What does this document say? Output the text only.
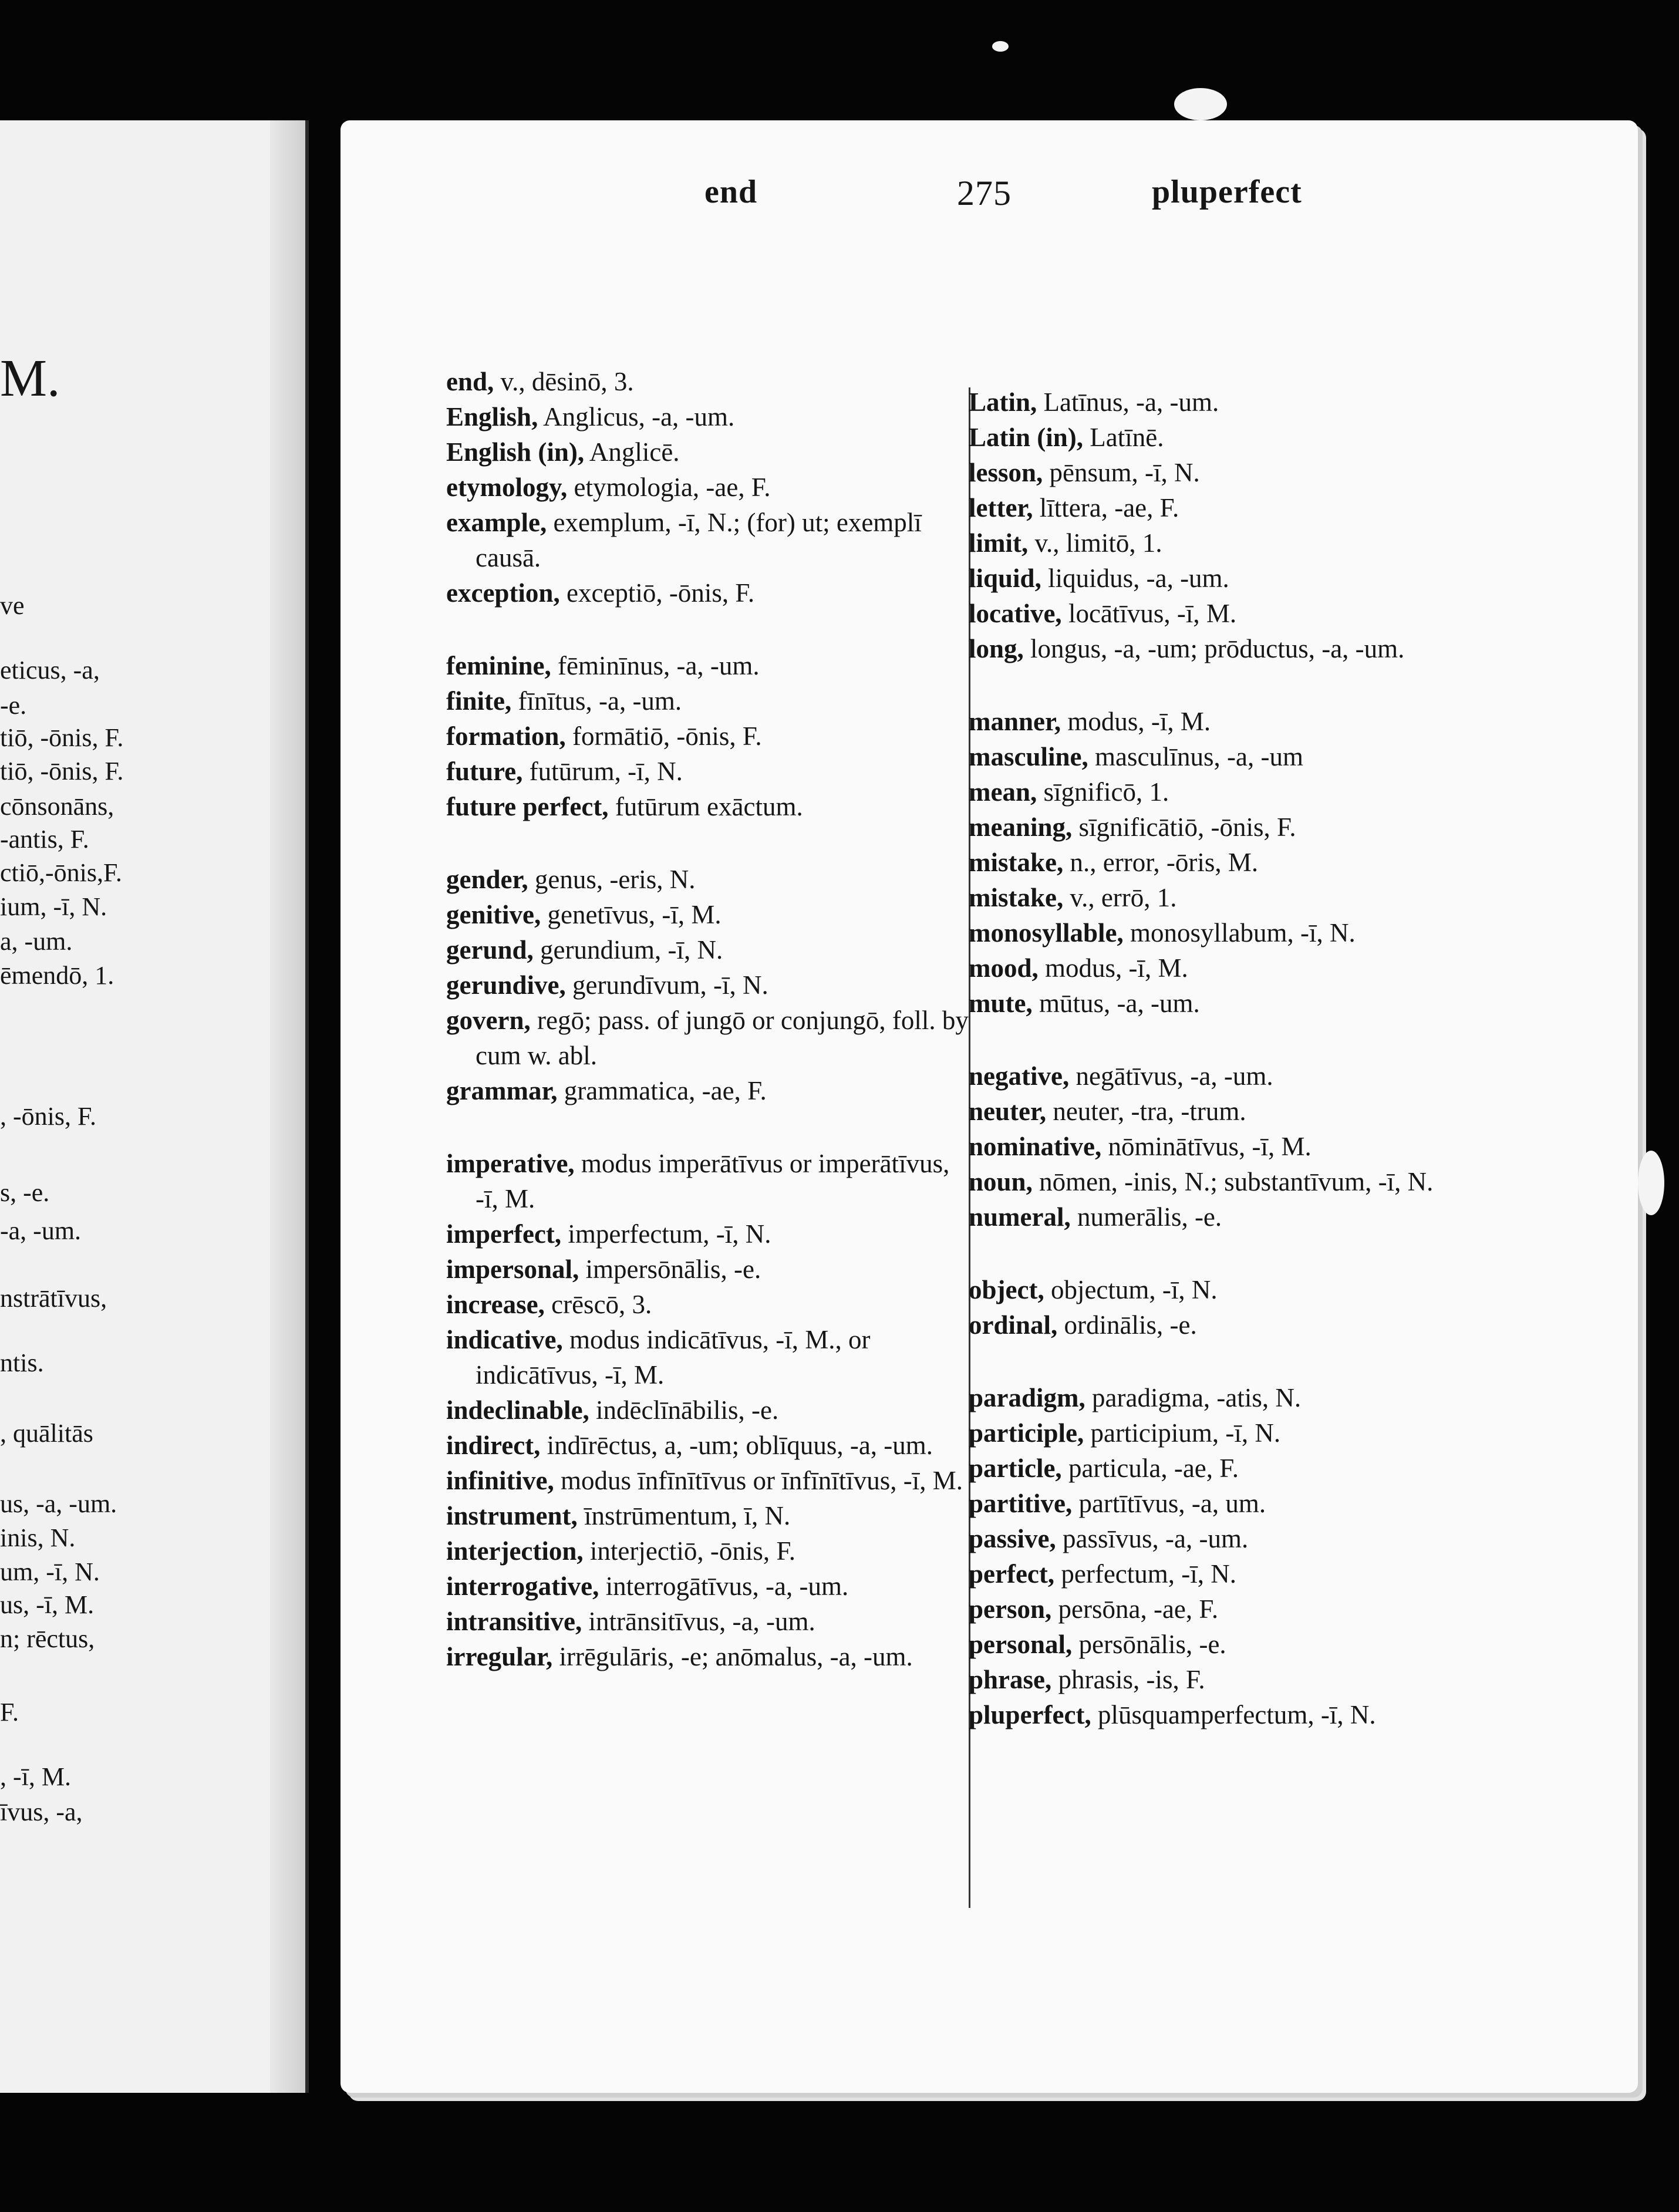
M.
ve
eticus, -a,
-e.
tiō, -ōnis, F.
tiō, -ōnis, F.
cōnsonāns,
-antis, F.
ctiō,-ōnis,F.
ium, -ī, N.
a, -um.
ēmendō, 1.
, -ōnis, F.
s, -e.
-a, -um.
nstrātīvus,
ntis.
, quālitās
us, -a, -um.
inis, N.
um, -ī, N.
us, -ī, M.
n; rēctus,
F.
, -ī, M.
īvus, -a,
end	275	pluperfect

end, v., dēsinō, 3.

English, Anglicus, -a, -um.

English (in), Anglicē.

etymology, etymologia, -ae, F.

example, exemplum, -ī, N.; (for) ut; exemplī causā.

exception, exceptiō, -ōnis, F.

feminine, fēminīnus, -a, -um.

finite, fīnītus, -a, -um.

formation, formātiō, -ōnis, F.

future, futūrum, -ī, N.

future perfect, futūrum exāctum.

gender, genus, -eris, N.

genitive, genetīvus, -ī, M.

gerund, gerundium, -ī, N.

gerundive, gerundīvum, -ī, N.

govern, regō; pass. of jungō or conjungō, foll. by cum w. abl.

grammar, grammatica, -ae, F.

imperative, modus imperātīvus or imperātīvus, -ī, M.

imperfect, imperfectum, -ī, N.

impersonal, impersōnālis, -e.

increase, crēscō, 3.

indicative, modus indicātīvus, -ī, M., or indicātīvus, -ī, M.

indeclinable, indēclīnābilis, -e.

indirect, indīrēctus, a, -um; oblīquus, -a, -um.

infinitive, modus īnfīnītīvus or īnfīnītīvus, -ī, M.

instrument, īnstrūmentum, ī, N.

interjection, interjectiō, -ōnis, F.

interrogative, interrogātīvus, -a, -um.

intransitive, intrānsitīvus, -a, -um.

irregular, irrēgulāris, -e; anōmalus, -a, -um.

Latin, Latīnus, -a, -um.

Latin (in), Latīnē.

lesson, pēnsum, -ī, N.

letter, līttera, -ae, F.

limit, v., limitō, 1.

liquid, liquidus, -a, -um.

locative, locātīvus, -ī, M.

long, longus, -a, -um; prōductus, -a, -um.

manner, modus, -ī, M.

masculine, masculīnus, -a, -um

mean, sīgnificō, 1.

meaning, sīgnificātiō, -ōnis, F.

mistake, n., error, -ōris, M.

mistake, v., errō, 1.

monosyllable, monosyllabum, -ī, N.

mood, modus, -ī, M.

mute, mūtus, -a, -um.

negative, negātīvus, -a, -um.

neuter, neuter, -tra, -trum.

nominative, nōminātīvus, -ī, M.

noun, nōmen, -inis, N.; substantīvum, -ī, N.

numeral, numerālis, -e.

object, objectum, -ī, N.

ordinal, ordinālis, -e.

paradigm, paradigma, -atis, N.

participle, participium, -ī, N.

particle, particula, -ae, F.

partitive, partītīvus, -a, um.

passive, passīvus, -a, -um.

perfect, perfectum, -ī, N.

person, persōna, -ae, F.

personal, persōnālis, -e.

phrase, phrasis, -is, F.

pluperfect, plūsquamperfectum, -ī, N.
